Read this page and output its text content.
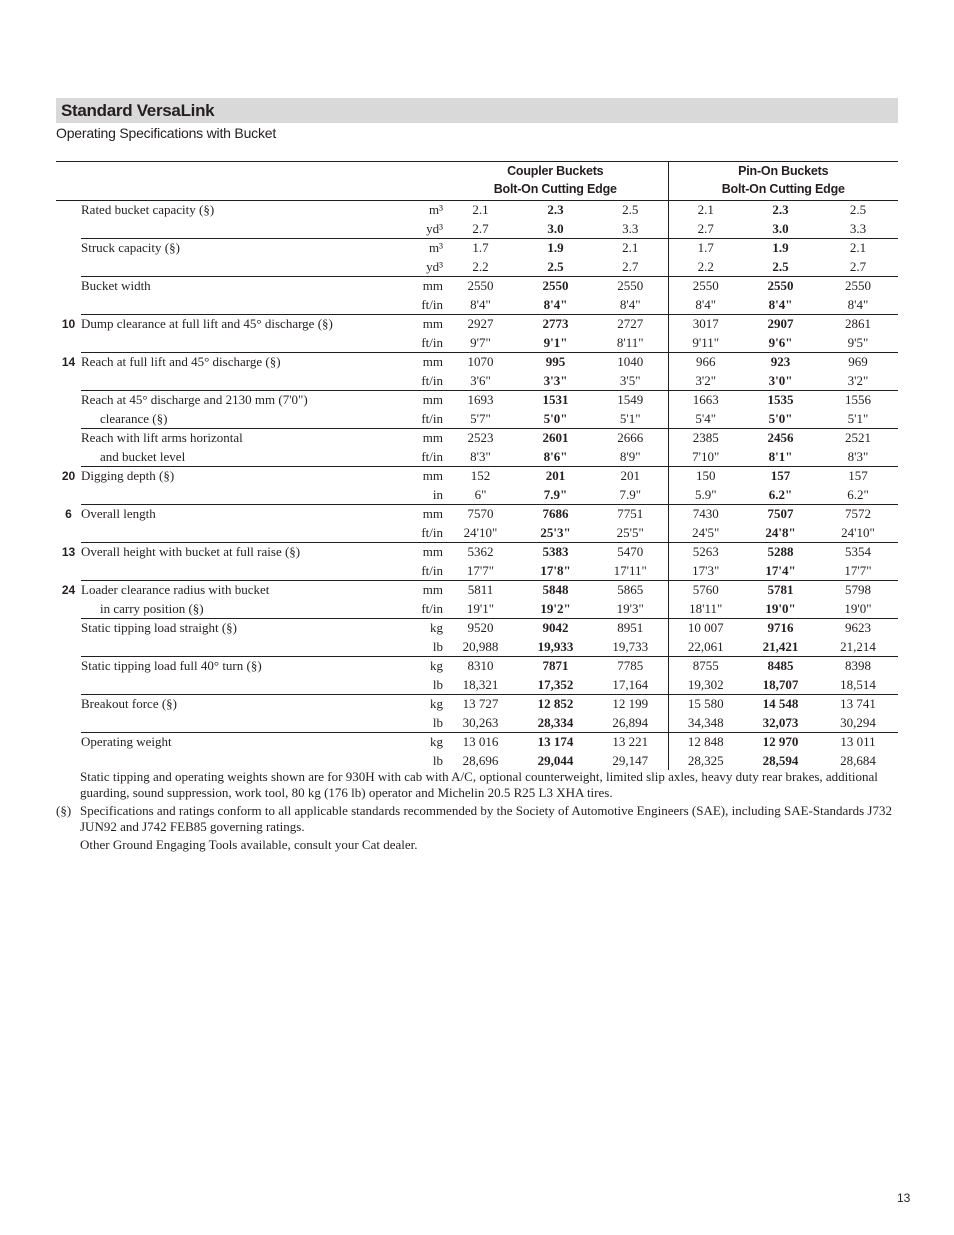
Standard VersaLink
Operating Specifications with Bucket

			Coupler Buckets
Bolt-On Cutting Edge			Pin-On Buckets
Bolt-On Cutting Edge		

	Rated bucket capacity (§)	m³	2.1	2.3	2.5	2.1	2.3	2.5
		yd³	2.7	3.0	3.3	2.7	3.0	3.3
	Struck capacity (§)	m³	1.7	1.9	2.1	1.7	1.9	2.1
		yd³	2.2	2.5	2.7	2.2	2.5	2.7
	Bucket width	mm	2550	2550	2550	2550	2550	2550
		ft/in	8'4"	8'4"	8'4"	8'4"	8'4"	8'4"
10	Dump clearance at full lift and 45° discharge (§)	mm	2927	2773	2727	3017	2907	2861
		ft/in	9'7"	9'1"	8'11"	9'11"	9'6"	9'5"
14	Reach at full lift and 45° discharge (§)	mm	1070	995	1040	966	923	969
		ft/in	3'6"	3'3"	3'5"	3'2"	3'0"	3'2"
	Reach at 45° discharge and 2130 mm (7'0")
clearance (§)	mm	1693	1531	1549	1663	1535	1556
		ft/in	5'7"	5'0"	5'1"	5'4"	5'0"	5'1"
	Reach with lift arms horizontal
and bucket level	mm	2523	2601	2666	2385	2456	2521
		ft/in	8'3"	8'6"	8'9"	7'10"	8'1"	8'3"
20	Digging depth (§)	mm	152	201	201	150	157	157
		in	6"	7.9"	7.9"	5.9"	6.2"	6.2"
6	Overall length	mm	7570	7686	7751	7430	7507	7572
		ft/in	24'10"	25'3"	25'5"	24'5"	24'8"	24'10"
13	Overall height with bucket at full raise (§)	mm	5362	5383	5470	5263	5288	5354
		ft/in	17'7"	17'8"	17'11"	17'3"	17'4"	17'7"
24	Loader clearance radius with bucket
in carry position (§)	mm	5811	5848	5865	5760	5781	5798
		ft/in	19'1"	19'2"	19'3"	18'11"	19'0"	19'0"
	Static tipping load straight (§)	kg	9520	9042	8951	10 007	9716	9623
		lb	20,988	19,933	19,733	22,061	21,421	21,214
	Static tipping load full 40° turn (§)	kg	8310	7871	7785	8755	8485	8398
		lb	18,321	17,352	17,164	19,302	18,707	18,514
	Breakout force (§)	kg	13 727	12 852	12 199	15 580	14 548	13 741
		lb	30,263	28,334	26,894	34,348	32,073	30,294
	Operating weight	kg	13 016	13 174	13 221	12 848	12 970	13 011
		lb	28,696	29,044	29,147	28,325	28,594	28,684
Static tipping and operating weights shown are for 930H with cab with A/C, optional counterweight, limited slip axles, heavy duty rear brakes, additional guarding, sound suppression, work tool, 80 kg (176 lb) operator and Michelin 20.5 R25 L3 XHA tires.
(§) Specifications and ratings conform to all applicable standards recommended by the Society of Automotive Engineers (SAE), including SAE-Standards J732 JUN92 and J742 FEB85 governing ratings.
Other Ground Engaging Tools available, consult your Cat dealer.
13
